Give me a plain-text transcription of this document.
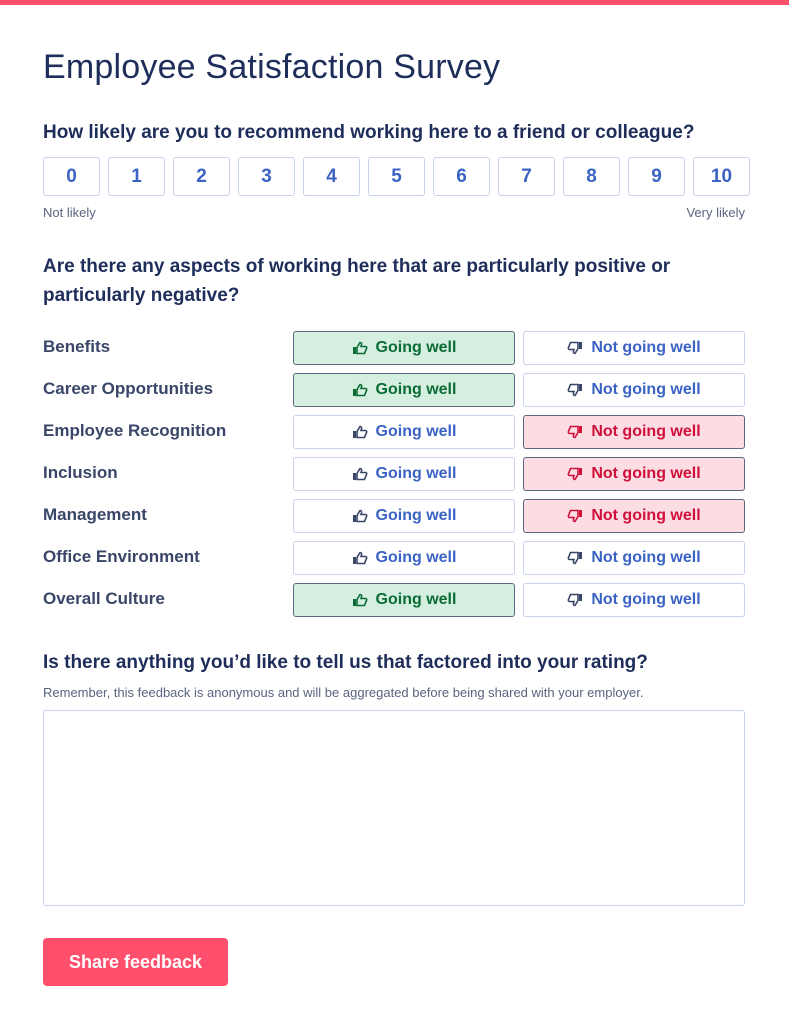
Employee Satisfaction Survey
How likely are you to recommend working here to a friend or colleague?
0	1	2	3	4	5	6	7	8	9	10
Not likely	Very likely
Are there any aspects of working here that are particularly positive or particularly negative?
Benefits	Going well	Not going well
Career Opportunities	Going well	Not going well
Employee Recognition	Going well	Not going well
Inclusion	Going well	Not going well
Management	Going well	Not going well
Office Environment	Going well	Not going well
Overall Culture	Going well	Not going well
Is there anything you’d like to tell us that factored into your rating?
Remember, this feedback is anonymous and will be aggregated before being shared with your employer.
Share feedback
